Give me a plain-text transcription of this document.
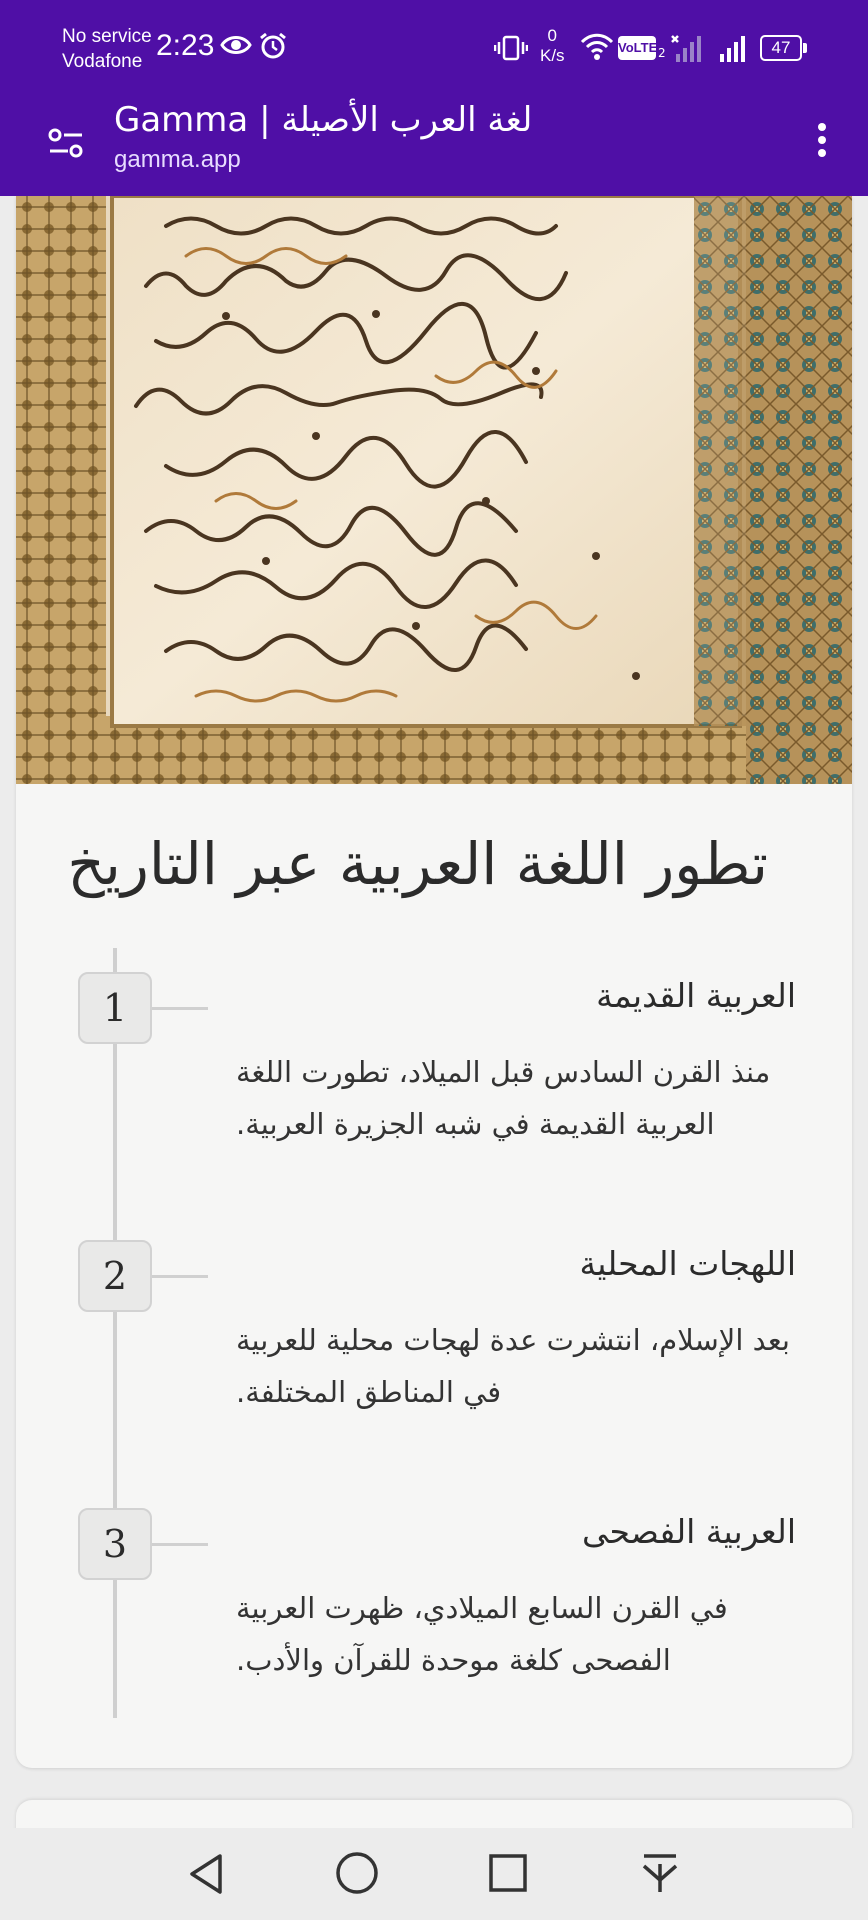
No service
Vodafone 2:23	0
K/s	VoLTE 2	47
Gamma | لغة العرب الأصيلة
gamma.app
تطور اللغة العربية عبر التاريخ
1	العربية القديمة
منذ القرن السادس قبل الميلاد، تطورت اللغة
العربية القديمة في شبه الجزيرة العربية.
2	اللهجات المحلية
بعد الإسلام، انتشرت عدة لهجات محلية للعربية
في المناطق المختلفة.
3	العربية الفصحى
في القرن السابع الميلادي، ظهرت العربية
الفصحى كلغة موحدة للقرآن والأدب.
